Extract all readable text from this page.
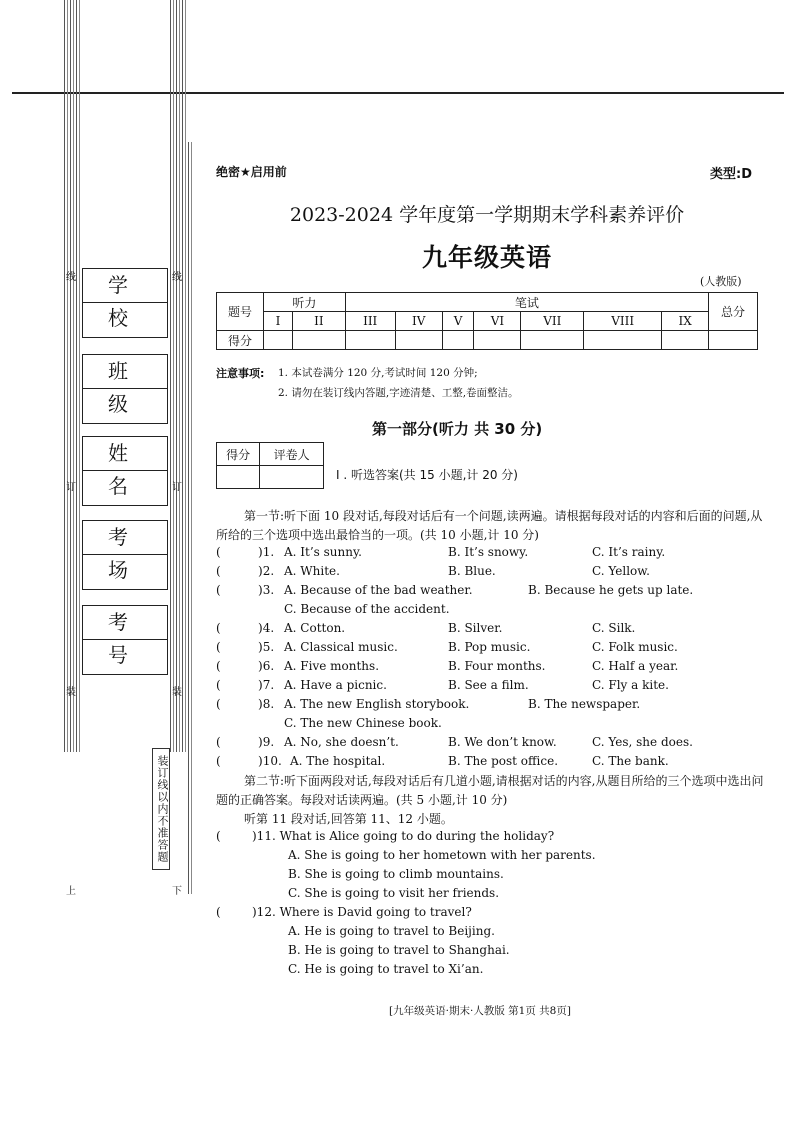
线	线
订	订
装	装
上	下
学 校
班 级
姓 名
考 场
考 号
装订线以内不准答题
绝密★启用前	类型:D
2023-2024 学年度第一学期期末学科素养评价
九年级英语
(人教版)
题号	听力		笔试							总分
	I	II	III	IV	V	VI	VII	VIII	IX	
得分										
注意事项: 1. 本试卷满分 120 分,考试时间 120 分钟;
2. 请勿在装订线内答题,字迹清楚、工整,卷面整洁。
第一部分(听力 共 30 分)
得分	评卷人

I . 听选答案(共 15 小题,计 20 分)
第一节:听下面 10 段对话,每段对话后有一个问题,读两遍。请根据每段对话的内容和后面的问题,从所给的三个选项中选出最恰当的一项。(共 10 小题,计 10 分)
(	)1. A. It’s sunny.	B. It’s snowy.	C. It’s rainy.
(	)2. A. White.	B. Blue.	C. Yellow.
(	)3. A. Because of the bad weather.	B. Because he gets up late.
C. Because of the accident.
(	)4. A. Cotton.	B. Silver.	C. Silk.
(	)5. A. Classical music.	B. Pop music.	C. Folk music.
(	)6. A. Five months.	B. Four months.	C. Half a year.
(	)7. A. Have a picnic.	B. See a film.	C. Fly a kite.
(	)8. A. The new English storybook.	B. The newspaper.
C. The new Chinese book.
(	)9. A. No, she doesn’t.	B. We don’t know.	C. Yes, she does.
(	)10. A. The hospital.	B. The post office.	C. The bank.
第二节:听下面两段对话,每段对话后有几道小题,请根据对话的内容,从题目所给的三个选项中选出问题的正确答案。每段对话读两遍。(共 5 小题,计 10 分)
听第 11 段对话,回答第 11、12 小题。
(	)11. What is Alice going to do during the holiday?
A. She is going to her hometown with her parents.
B. She is going to climb mountains.
C. She is going to visit her friends.
(	)12. Where is David going to travel?
A. He is going to travel to Beijing.
B. He is going to travel to Shanghai.
C. He is going to travel to Xi’an.
[九年级英语·期末·人教版 第1页 共8页]
